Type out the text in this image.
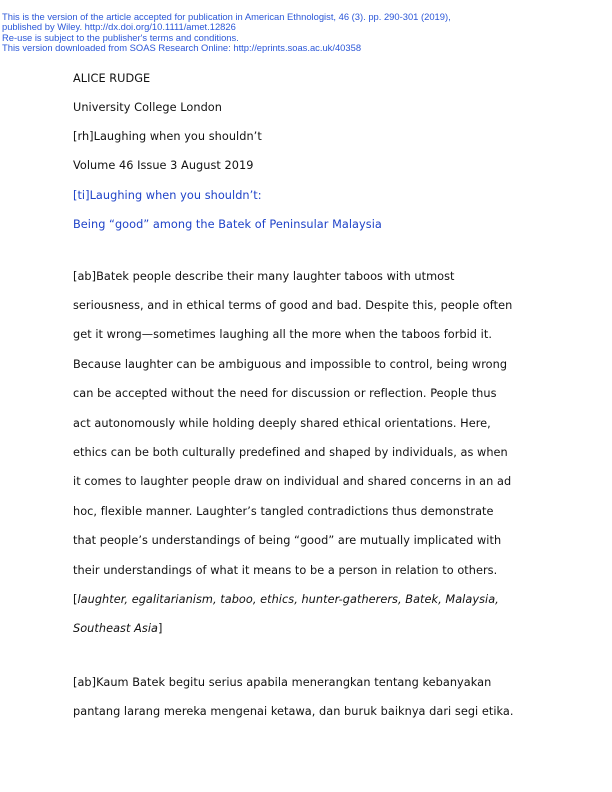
This is the version of the article accepted for publication in American Ethnologist, 46 (3). pp. 290-301 (2019),
published by Wiley. http://dx.doi.org/10.1111/amet.12826
Re-use is subject to the publisher's terms and conditions.
This version downloaded from SOAS Research Online: http://eprints.soas.ac.uk/40358
ALICE RUDGE
University College London
[rh]Laughing when you shouldn’t
Volume 46 Issue 3 August 2019
[ti]Laughing when you shouldn’t:
Being “good” among the Batek of Peninsular Malaysia
[ab]Batek people describe their many laughter taboos with utmost
seriousness, and in ethical terms of good and bad. Despite this, people often
get it wrong—sometimes laughing all the more when the taboos forbid it.
Because laughter can be ambiguous and impossible to control, being wrong
can be accepted without the need for discussion or reflection. People thus
act autonomously while holding deeply shared ethical orientations. Here,
ethics can be both culturally predefined and shaped by individuals, as when
it comes to laughter people draw on individual and shared concerns in an ad
hoc, flexible manner. Laughter’s tangled contradictions thus demonstrate
that people’s understandings of being “good” are mutually implicated with
their understandings of what it means to be a person in relation to others.
[laughter, egalitarianism, taboo, ethics, hunter-gatherers, Batek, Malaysia,
Southeast Asia]
[ab]Kaum Batek begitu serius apabila menerangkan tentang kebanyakan
pantang larang mereka mengenai ketawa, dan buruk baiknya dari segi etika.
